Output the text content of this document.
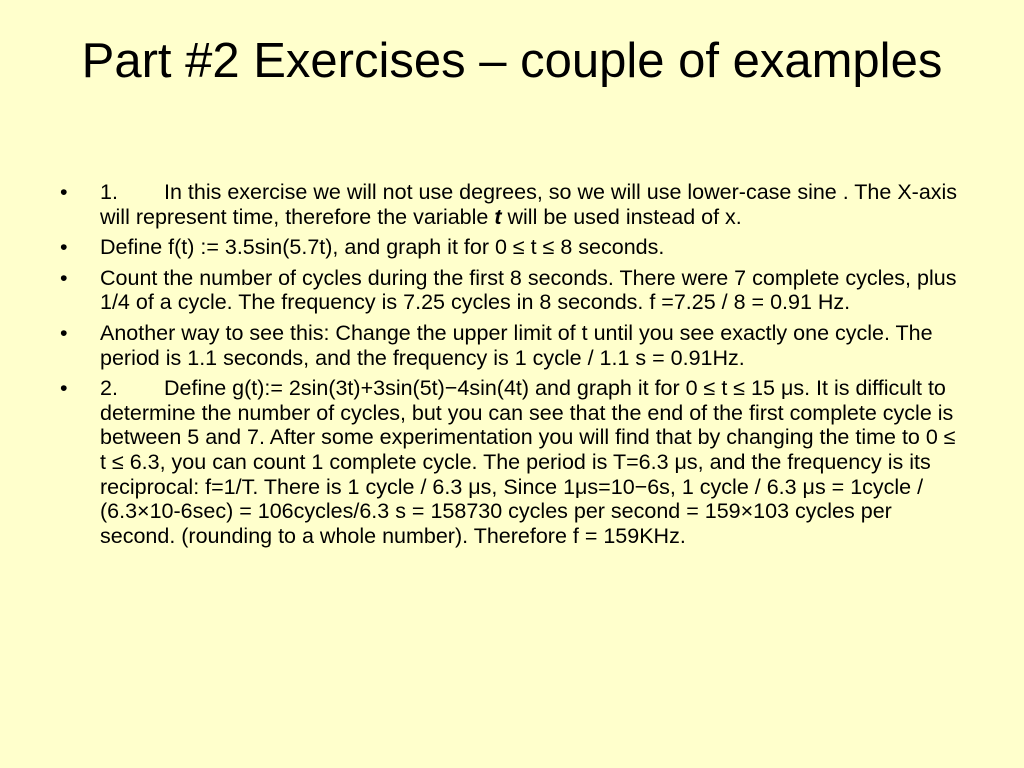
Part #2 Exercises – couple of examples
• 1. In this exercise we will not use degrees, so we will use lower-case sine . The X-axis will represent time, therefore the variable t will be used instead of x.
• Define f(t) := 3.5sin(5.7t), and graph it for 0 ≤ t ≤ 8 seconds.
• Count the number of cycles during the first 8 seconds. There were 7 complete cycles, plus 1/4 of a cycle. The frequency is 7.25 cycles in 8 seconds. f =7.25 / 8 = 0.91 Hz.
• Another way to see this: Change the upper limit of t until you see exactly one cycle. The period is 1.1 seconds, and the frequency is 1 cycle / 1.1 s = 0.91Hz.
• 2. Define g(t):= 2sin(3t)+3sin(5t)−4sin(4t) and graph it for 0 ≤ t ≤ 15 μs. It is difficult to determine the number of cycles, but you can see that the end of the first complete cycle is between 5 and 7. After some experimentation you will find that by changing the time to 0 ≤ t ≤ 6.3, you can count 1 complete cycle. The period is T=6.3 μs, and the frequency is its reciprocal: f=1/T. There is 1 cycle / 6.3 μs, Since 1μs=10−6s, 1 cycle / 6.3 μs = 1cycle / (6.3×10-6sec) = 106cycles/6.3 s = 158730 cycles per second = 159×103 cycles per second. (rounding to a whole number). Therefore f = 159KHz.
